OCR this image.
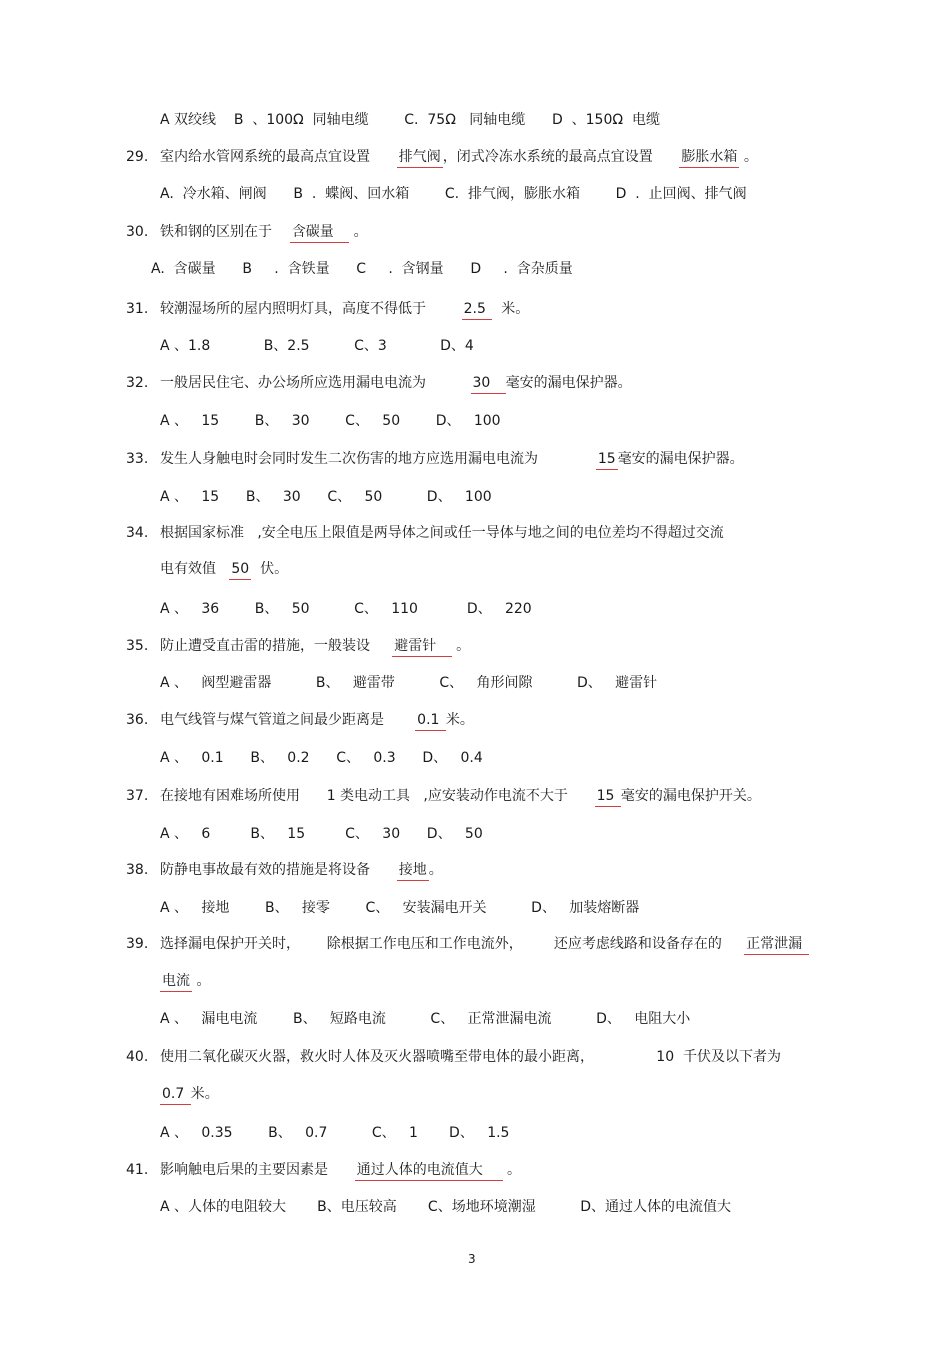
A 双绞线    B  、100Ω  同轴电缆        C.  75Ω   同轴电缆      D  、150Ω  电缆
29. 室内给水管网系统的最高点宜设置      排气阀 ，闭式冷冻水系统的最高点宜设置      膨胀水箱 。
A.  冷水箱、闸阀      B  .  蝶阀、回水箱        C.  排气阀，膨胀水箱        D  .  止回阀、排气阀
30. 铁和钢的区别在于    含碳量    。
A.  含碳量      B     .  含铁量      C     .  含钢量      D     .  含杂质量
31. 较潮湿场所的屋内照明灯具，高度不得低于        2.5   米。
A 、1.8            B、2.5          C、3            D、4
32. 一般居民住宅、办公场所应选用漏电电流为          30   毫安的漏电保护器。
A 、   15        B、   30        C、   50        D、   100
33. 发生人身触电时会同时发生二次伤害的地方应选用漏电电流为             15 毫安的漏电保护器。
A 、   15      B、   30      C、   50          D、   100
34. 根据国家标准   ,安全电压上限值是两导体之间或任一导体与地之间的电位差均不得超过交流
电有效值   50  伏。
A 、   36        B、   50          C、   110           D、   220
35. 防止遭受直击雷的措施，一般装设     避雷针    。
A 、   阀型避雷器          B、   避雷带          C、   角形间隙          D、   避雷针
36. 电气线管与煤气管道之间最少距离是       0.1 米。
A 、   0.1      B、   0.2      C、   0.3      D、   0.4
37. 在接地有困难场所使用      1 类电动工具   ,应安装动作电流不大于      15 毫安的漏电保护开关。
A 、   6         B、   15         C、   30      D、   50
38. 防静电事故最有效的措施是将设备      接地 。
A 、   接地        B、   接零        C、   安装漏电开关          D、   加装熔断器
39. 选择漏电保护开关时，      除根据工作电压和工作电流外，       还应考虑线路和设备存在的     正常泄漏
电流 。
A 、   漏电电流        B、   短路电流          C、   正常泄漏电流          D、   电阻大小
40. 使用二氧化碳灭火器，救火时人体及灭火器喷嘴至带电体的最小距离，              10  千伏及以下者为
0.7 米。
A 、   0.35        B、   0.7          C、   1       D、   1.5
41. 影响触电后果的主要因素是      通过人体的电流值大     。
A 、人体的电阻较大       B、电压较高       C、场地环境潮湿          D、通过人体的电流值大
3
